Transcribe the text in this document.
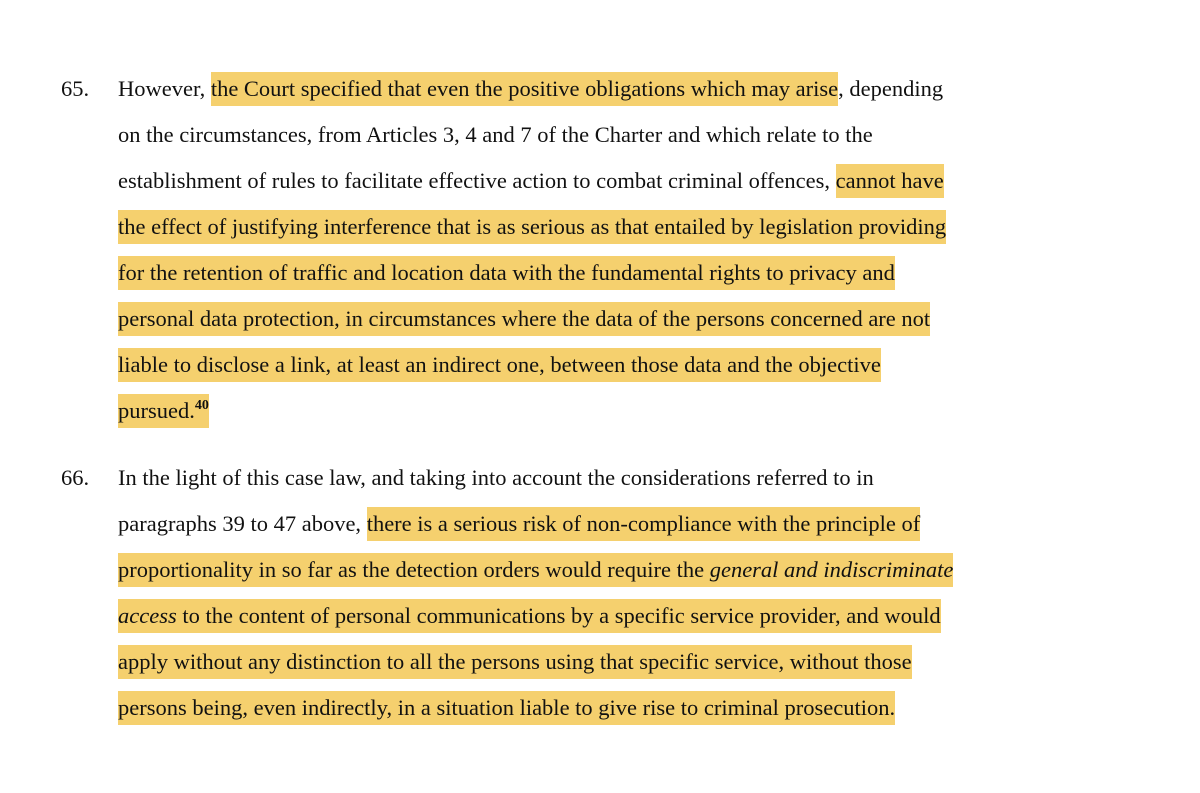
65. However, the Court specified that even the positive obligations which may arise, depending
on the circumstances, from Articles 3, 4 and 7 of the Charter and which relate to the
establishment of rules to facilitate effective action to combat criminal offences, cannot have
the effect of justifying interference that is as serious as that entailed by legislation providing
for the retention of traffic and location data with the fundamental rights to privacy and
personal data protection, in circumstances where the data of the persons concerned are not
liable to disclose a link, at least an indirect one, between those data and the objective
pursued.$^{40}$
66. In the light of this case law, and taking into account the considerations referred to in
paragraphs 39 to 47 above, there is a serious risk of non-compliance with the principle of
proportionality in so far as the detection orders would require the general and indiscriminate
access to the content of personal communications by a specific service provider, and would
apply without any distinction to all the persons using that specific service, without those
persons being, even indirectly, in a situation liable to give rise to criminal prosecution.
